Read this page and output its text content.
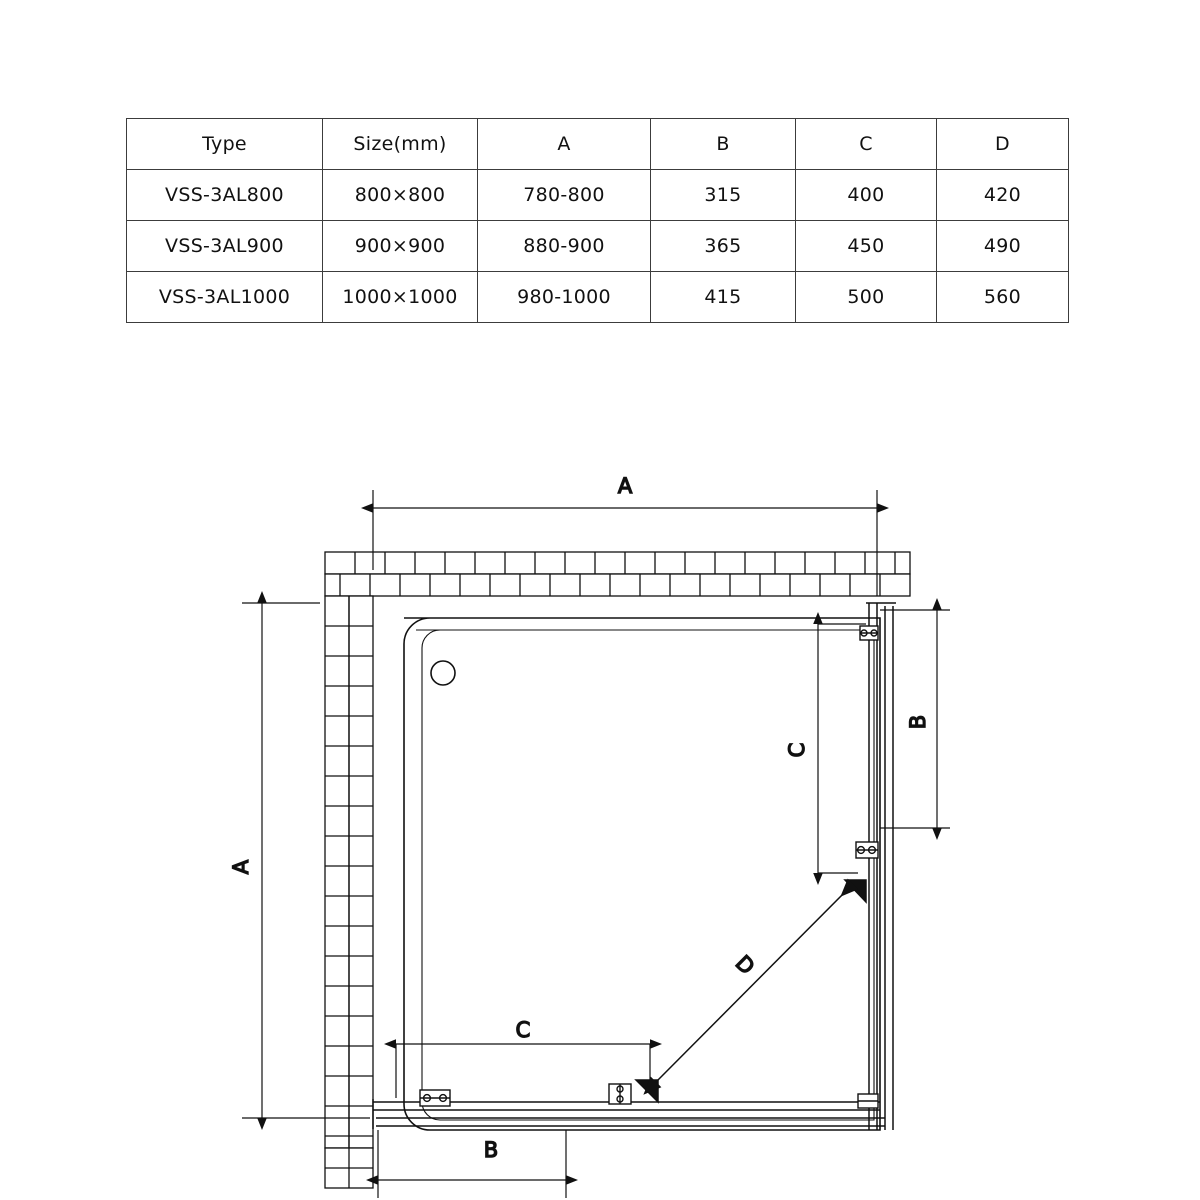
Type	Size(mm)	A	B	C	D
VSS-3AL800	800×800	780-800	315	400	420
VSS-3AL900	900×900	880-900	365	450	490
VSS-3AL1000	1000×1000	980-1000	415	500	560
A
A
B
C
C
B
D
